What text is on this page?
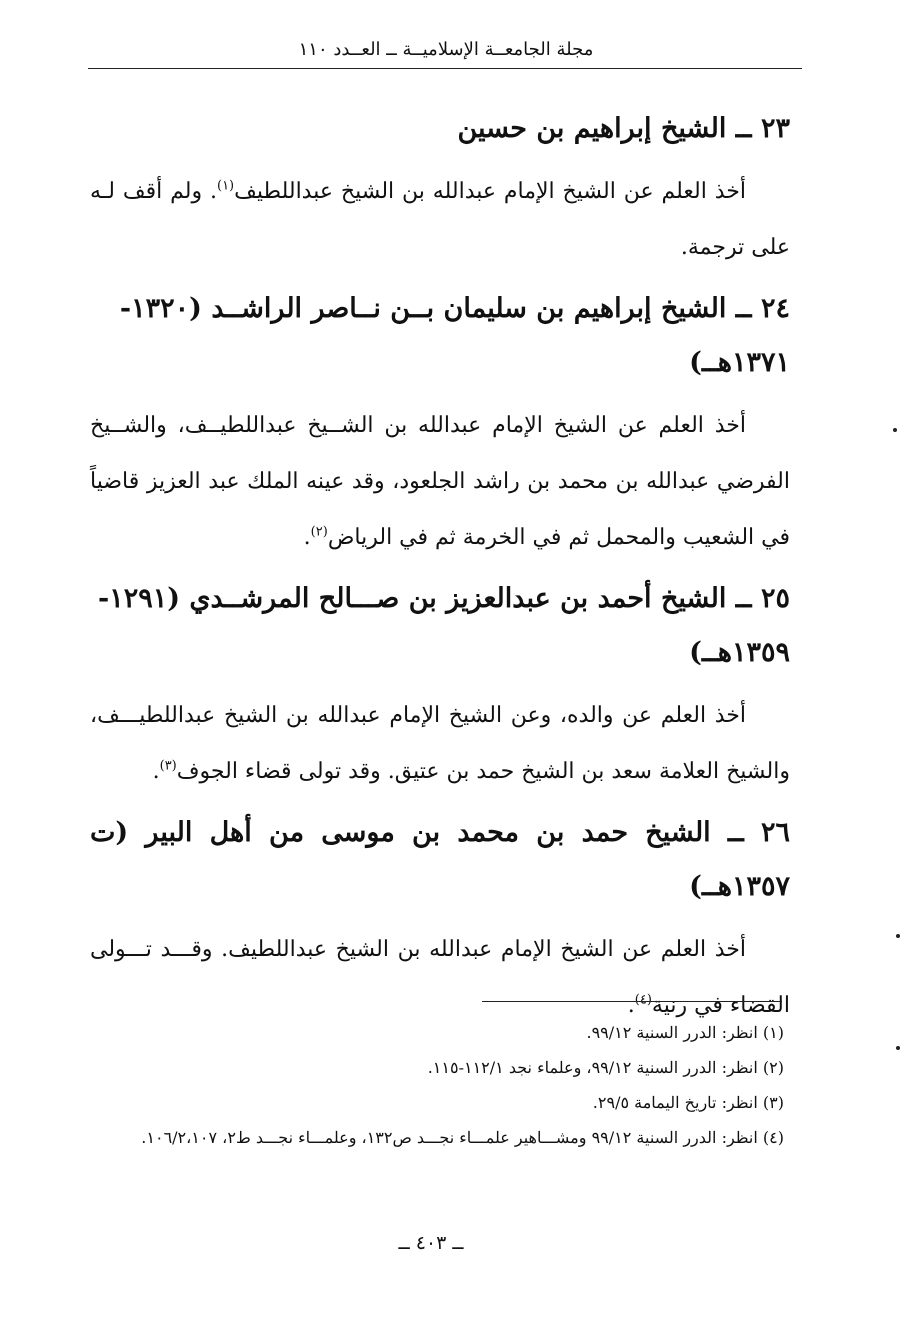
مجلة الجامعــة الإسلاميــة ــ العــدد ١١٠
٢٣ ــ الشيخ إبراهيم بن حسين

أخذ العلم عن الشيخ الإمام عبدالله بن الشيخ عبداللطيف$^{(١)}$. ولم أقف لـه على ترجمة.

٢٤ ــ الشيخ إبراهيم بن سليمان بــن نــاصر الراشــد (١٣٢٠-
١٣٧١هــ)

أخذ العلم عن الشيخ الإمام عبدالله بن الشــيخ عبداللطيــف، والشــيخ الفرضي عبدالله بن محمد بن راشد الجلعود، وقد عينه الملك عبد العزيز قاضياً في الشعيب والمحمل ثم في الخرمة ثم في الرياض$^{(٢)}$.

٢٥ ــ الشيخ أحمد بن عبدالعزيز بن صـــالح المرشــدي (١٢٩١-
١٣٥٩هــ)

أخذ العلم عن والده، وعن الشيخ الإمام عبدالله بن الشيخ عبداللطيـــف، والشيخ العلامة سعد بن الشيخ حمد بن عتيق. وقد تولى قضاء الجوف$^{(٣)}$.

٢٦ ــ الشيخ حمد بن محمد بن موسى من أهل البير (ت ١٣٥٧هــ)

أخذ العلم عن الشيخ الإمام عبدالله بن الشيخ عبداللطيف. وقـــد تـــولى القضاء في رنية$^{(٤)}$.

(١) انظر: الدرر السنية ٩٩/١٢.

(٢) انظر: الدرر السنية ٩٩/١٢، وعلماء نجد ١١٢/١-١١٥.

(٣) انظر: تاريخ اليمامة ٢٩/٥.

(٤) انظر: الدرر السنية ٩٩/١٢ ومشـــاهير علمـــاء نجـــد ص١٣٢، وعلمـــاء نجـــد ط٢، ١٠٦/٢،١٠٧.

ــ ٤٠٣ ــ
